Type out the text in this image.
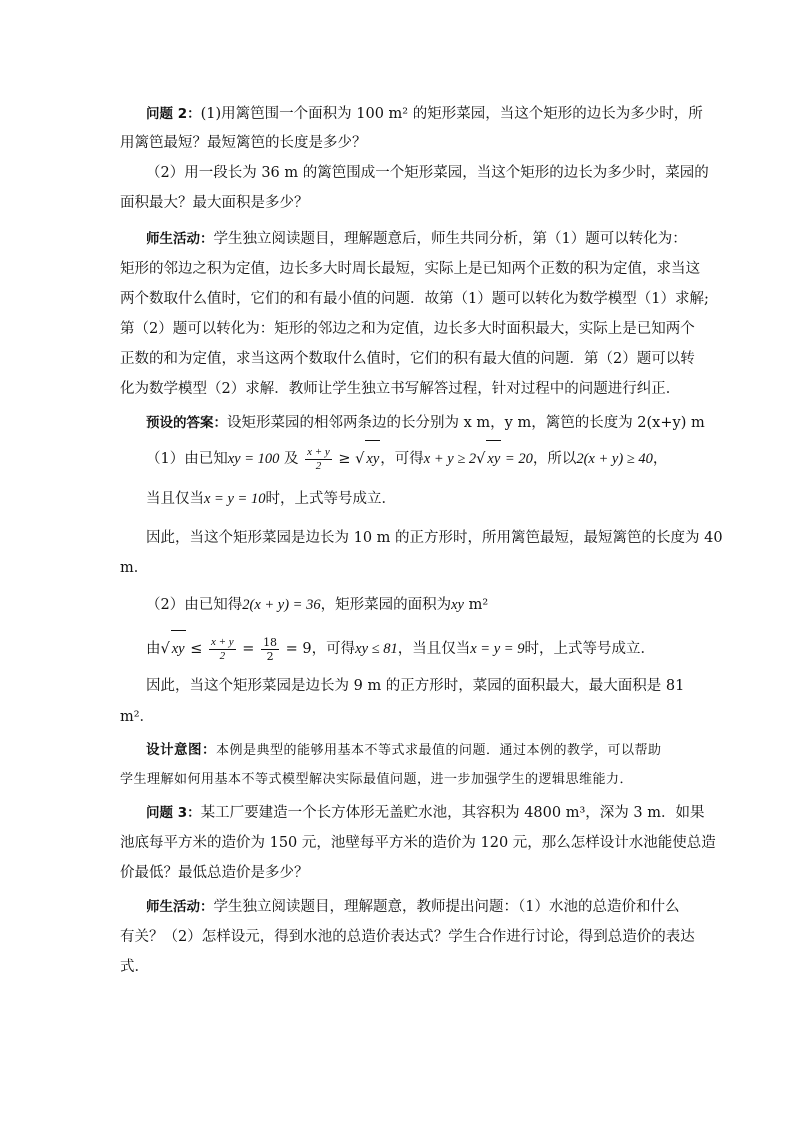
问题 2：(1)用篱笆围一个面积为 100 m² 的矩形菜园，当这个矩形的边长为多少时，所
用篱笆最短？最短篱笆的长度是多少？
（2）用一段长为 36 m 的篱笆围成一个矩形菜园，当这个矩形的边长为多少时，菜园的
面积最大？最大面积是多少？
师生活动：学生独立阅读题目，理解题意后，师生共同分析，第（1）题可以转化为：
矩形的邻边之积为定值，边长多大时周长最短，实际上是已知两个正数的积为定值，求当这
两个数取什么值时，它们的和有最小值的问题．故第（1）题可以转化为数学模型（1）求解;
第（2）题可以转化为：矩形的邻边之和为定值，边长多大时面积最大，实际上是已知两个
正数的和为定值，求当这两个数取什么值时，它们的积有最大值的问题．第（2）题可以转
化为数学模型（2）求解．教师让学生独立书写解答过程，针对过程中的问题进行纠正．
预设的答案：设矩形菜园的相邻两条边的长分别为 x m，y m，篱笆的长度为 2(x+y) m
（1）由已知xy = 100 及 $\frac{x + y}{2}$ ≥ √ xy，可得x + y ≥ 2√ xy = 20，所以2(x + y) ≥ 40，
当且仅当x = y = 10时，上式等号成立．
因此，当这个矩形菜园是边长为 10 m 的正方形时，所用篱笆最短，最短篱笆的长度为 40
m．
（2）由已知得2(x + y) = 36，矩形菜园的面积为xy m²
由√ xy ≤ $\frac{x + y}{2} = \frac{18}{2} = 9$，可得xy ≤ 81，当且仅当x = y = 9时，上式等号成立．
因此，当这个矩形菜园是边长为 9 m 的正方形时，菜园的面积最大，最大面积是 81
m²．
设计意图：本例是典型的能够用基本不等式求最值的问题．通过本例的教学，可以帮助
学生理解如何用基本不等式模型解决实际最值问题，进一步加强学生的逻辑思维能力．
问题 3：某工厂要建造一个长方体形无盖贮水池，其容积为 4800 m³，深为 3 m．如果
池底每平方米的造价为 150 元，池壁每平方米的造价为 120 元，那么怎样设计水池能使总造
价最低？最低总造价是多少？
师生活动：学生独立阅读题目，理解题意，教师提出问题：（1）水池的总造价和什么
有关？（2）怎样设元，得到水池的总造价表达式？学生合作进行讨论，得到总造价的表达
式．
